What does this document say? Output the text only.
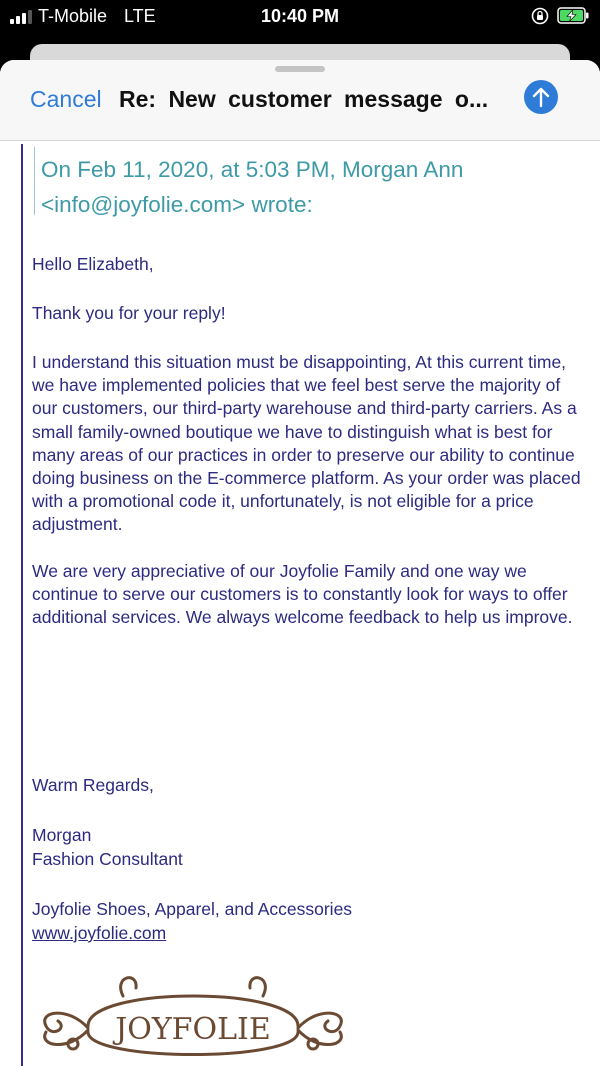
T-Mobile LTE	10:40 PM
Cancel Re: New customer message o...
On Feb 11, 2020, at 5:03 PM, Morgan Ann
<info@joyfolie.com> wrote:
Hello Elizabeth,
Thank you for your reply!
I understand this situation must be disappointing, At this current time, we have implemented policies that we feel best serve the majority of our customers, our third-party warehouse and third-party carriers. As a small family-owned boutique we have to distinguish what is best for many areas of our practices in order to preserve our ability to continue doing business on the E-commerce platform. As your order was placed with a promotional code it, unfortunately, is not eligible for a price adjustment.
We are very appreciative of our Joyfolie Family and one way we continue to serve our customers is to constantly look for ways to offer additional services. We always welcome feedback to help us improve.
Warm Regards,
Morgan
Fashion Consultant
Joyfolie Shoes, Apparel, and Accessories
www.joyfolie.com
JOYFOLIE
